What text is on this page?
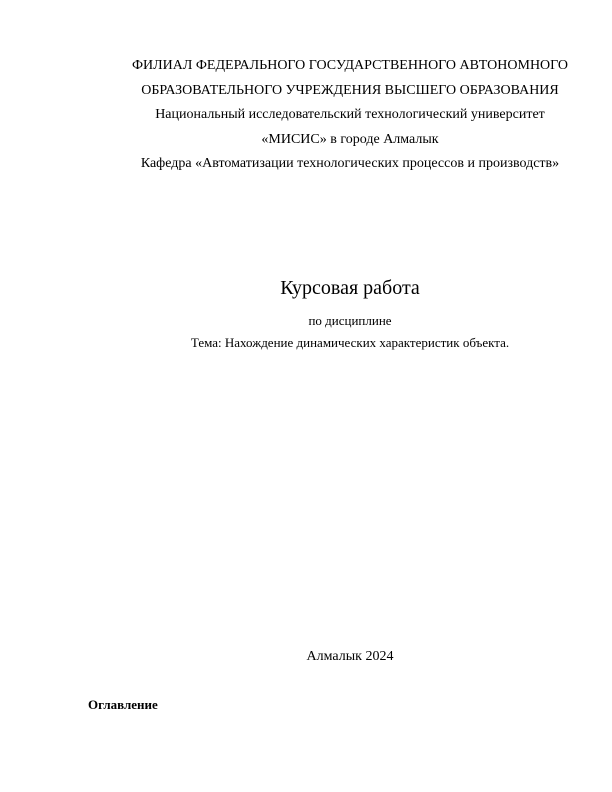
ФИЛИАЛ ФЕДЕРАЛЬНОГО ГОСУДАРСТВЕННОГО АВТОНОМНОГО
ОБРАЗОВАТЕЛЬНОГО УЧРЕЖДЕНИЯ ВЫСШЕГО ОБРАЗОВАНИЯ
Национальный исследовательский технологический университет
«МИСИС» в городе Алмалык
Кафедра «Автоматизации технологических процессов и производств»
Курсовая работа
по дисциплине
Тема: Нахождение динамических характеристик объекта.
Алмалык 2024
Оглавление
